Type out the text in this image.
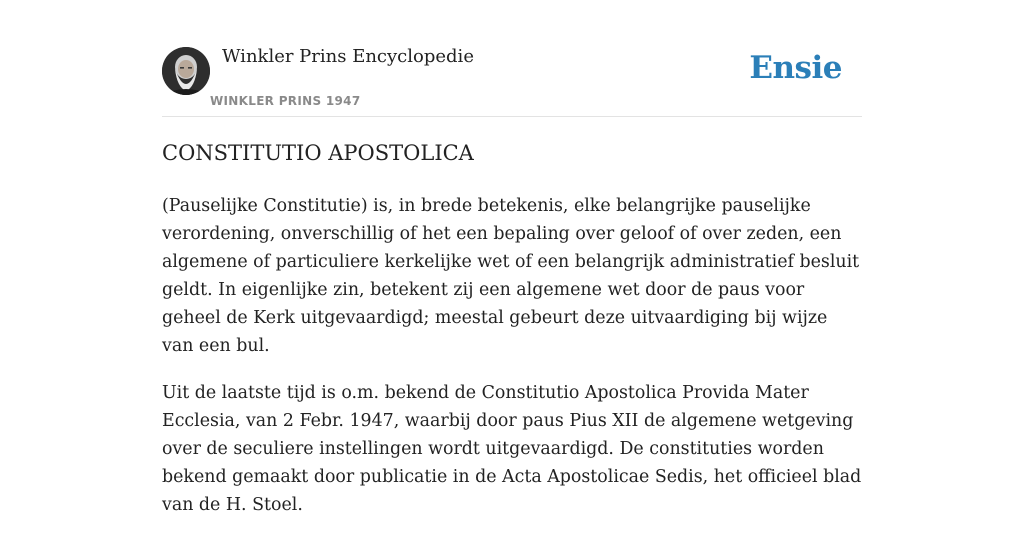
Winkler Prins Encyclopedie
WINKLER PRINS 1947
Ensie
CONSTITUTIO APOSTOLICA

(Pauselijke Constitutie) is, in brede betekenis, elke belangrijke pauselijke verordening, onverschillig of het een bepaling over geloof of over zeden, een algemene of particuliere kerkelijke wet of een belangrijk administratief besluit geldt. In eigenlijke zin, betekent zij een algemene wet door de paus voor geheel de Kerk uitgevaardigd; meestal gebeurt deze uitvaardiging bij wijze van een bul.

Uit de laatste tijd is o.m. bekend de Constitutio Apostolica Provida Mater Ecclesia, van 2 Febr. 1947, waarbij door paus Pius XII de algemene wetgeving over de seculiere instellingen wordt uitgevaardigd. De constituties worden bekend gemaakt door publicatie in de Acta Apostolicae Sedis, het officieel blad van de H. Stoel.
